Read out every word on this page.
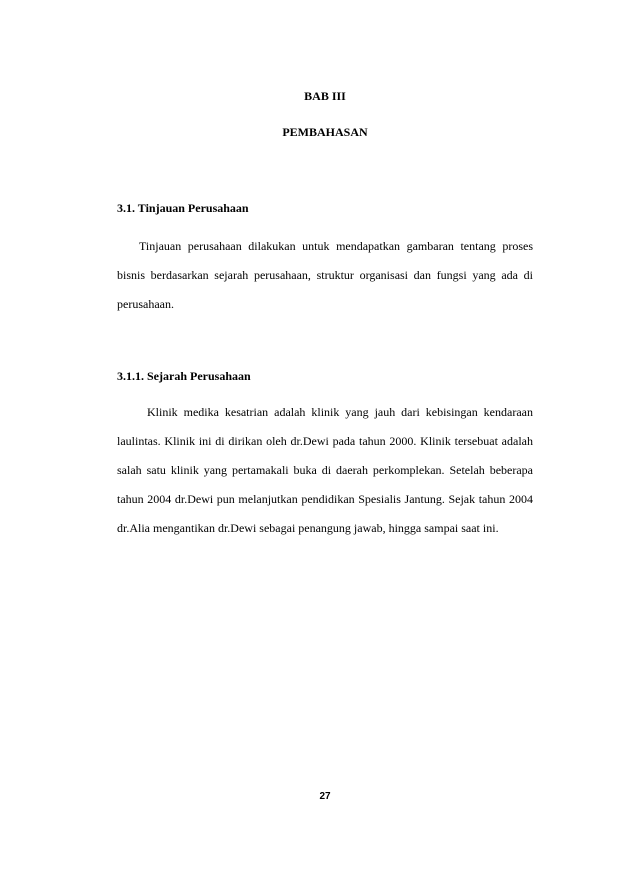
BAB III
PEMBAHASAN
3.1. Tinjauan Perusahaan

Tinjauan perusahaan dilakukan untuk mendapatkan gambaran tentang proses bisnis berdasarkan sejarah perusahaan, struktur organisasi dan fungsi yang ada di perusahaan.

3.1.1. Sejarah Perusahaan

Klinik medika kesatrian adalah klinik yang jauh dari kebisingan kendaraan laulintas. Klinik ini di dirikan oleh dr.Dewi pada tahun 2000. Klinik tersebuat adalah salah satu klinik yang pertamakali buka di daerah perkomplekan. Setelah beberapa tahun 2004 dr.Dewi pun melanjutkan pendidikan Spesialis Jantung. Sejak tahun 2004 dr.Alia mengantikan dr.Dewi sebagai penangung jawab, hingga sampai saat ini.

27
